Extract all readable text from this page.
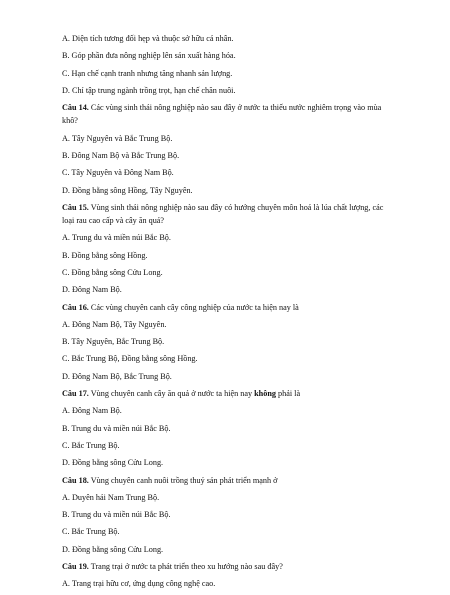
A. Diện tích tương đối hẹp và thuộc sở hữu cá nhân.
B. Góp phần đưa nông nghiệp lên sản xuất hàng hóa.
C. Hạn chế cạnh tranh nhưng tăng nhanh sản lượng.
D. Chỉ tập trung ngành trồng trọt, hạn chế chăn nuôi.
Câu 14. Các vùng sinh thái nông nghiệp nào sau đây ở nước ta thiếu nước nghiêm trọng vào mùa khô?
A. Tây Nguyên và Bắc Trung Bộ.
B. Đông Nam Bộ và Bắc Trung Bộ.
C. Tây Nguyên và Đông Nam Bộ.
D. Đồng bằng sông Hồng, Tây Nguyên.
Câu 15. Vùng sinh thái nông nghiệp nào sau đây có hướng chuyên môn hoá là lúa chất lượng, các loại rau cao cấp và cây ăn quả?
A. Trung du và miền núi Bắc Bộ.
B. Đồng bằng sông Hồng.
C. Đồng bằng sông Cửu Long.
D. Đông Nam Bộ.
Câu 16. Các vùng chuyên canh cây công nghiệp của nước ta hiện nay là
A. Đông Nam Bộ, Tây Nguyên.
B. Tây Nguyên, Bắc Trung Bộ.
C. Bắc Trung Bộ, Đồng bằng sông Hồng.
D. Đông Nam Bộ, Bắc Trung Bộ.
Câu 17. Vùng chuyên canh cây ăn quả ở nước ta hiện nay không phải là
A. Đông Nam Bộ.
B. Trung du và miền núi Bắc Bộ.
C. Bắc Trung Bộ.
D. Đồng bằng sông Cửu Long.
Câu 18. Vùng chuyên canh nuôi trồng thuỷ sản phát triển mạnh ở
A. Duyên hải Nam Trung Bộ.
B. Trung du và miền núi Bắc Bộ.
C. Bắc Trung Bộ.
D. Đồng bằng sông Cửu Long.
Câu 19. Trang trại ở nước ta phát triển theo xu hướng nào sau đây?
A. Trang trại hữu cơ, ứng dụng công nghệ cao.
